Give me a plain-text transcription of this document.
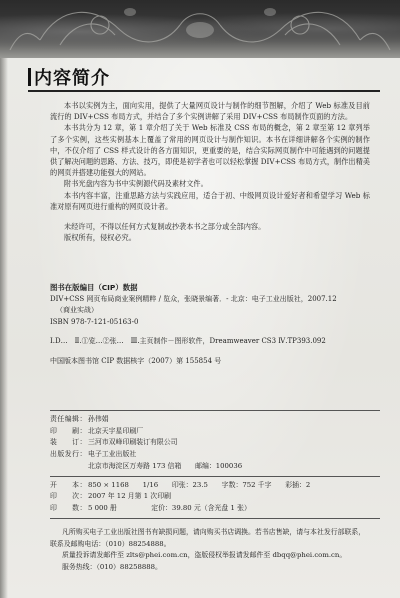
内容简介

本书以实例为主，面向实用，提供了大量网页设计与制作的细节图解，介绍了 Web 标准及目前流行的 DIV+CSS 布局方式，并结合了多个实例讲解了采用 DIV+CSS 布局制作页面的方法。

本书共分为 12 章，第 1 章介绍了关于 Web 标准及 CSS 布局的概念，第 2 章至第 12 章列举了多个实例，这些实例基本上覆盖了常用的网页设计与制作知识。本书在详细讲解各个实例的制作中，不仅介绍了 CSS 样式设计的各方面知识，更重要的是，结合实际网页制作中可能遇到的问题提供了解决问题的思路、方法、技巧，即使是初学者也可以轻松掌握 DIV+CSS 布局方式，制作出精美的网页并搭建功能强大的网站。

附书光盘内容为书中实例源代码及素材文件。

本书内容丰富，注重思路方法与实践应用，适合于初、中级网页设计爱好者和希望学习 Web 标准对原有网页进行重构的网页设计者。

未经许可，不得以任何方式复制或抄袭本书之部分或全部内容。

版权所有，侵权必究。

图书在版编目（CIP）数据
DIV+CSS 网页布局商业案例精粹 / 览众，张晓景编著．- 北京：电子工业出版社，2007.12
（商业实战）
ISBN 978-7-121-05163-0
Ⅰ.D…　Ⅱ.①览…②张…　Ⅲ.主页制作－图形软件，Dreamweaver CS3 Ⅳ.TP393.092
中国版本图书馆 CIP 数据核字（2007）第 155854 号
责任编辑： 孙伟娟
印　　 刷： 北京天宇星印刷厂
装　　 订： 三河市双峰印刷装订有限公司
出版发行： 电子工业出版社
北京市海淀区万寿路 173 信箱　　邮编：100036
开　　 本： 850 × 1168　　1/16　　印张：23.5　　字数：752 千字　　彩插：2
印　　 次： 2007 年 12 月第 1 次印刷
印　　 数： 5 000 册　　　　　定价：39.80 元（含光盘 1 张）

凡所购买电子工业出版社图书有缺损问题，请向购买书店调换。若书店售缺，请与本社发行部联系，

联系及邮购电话：（010）88254888。

质量投诉请发邮件至 zlts@phei.com.cn，盗版侵权举报请发邮件至 dbqq@phei.com.cn。

服务热线：（010）88258888。
